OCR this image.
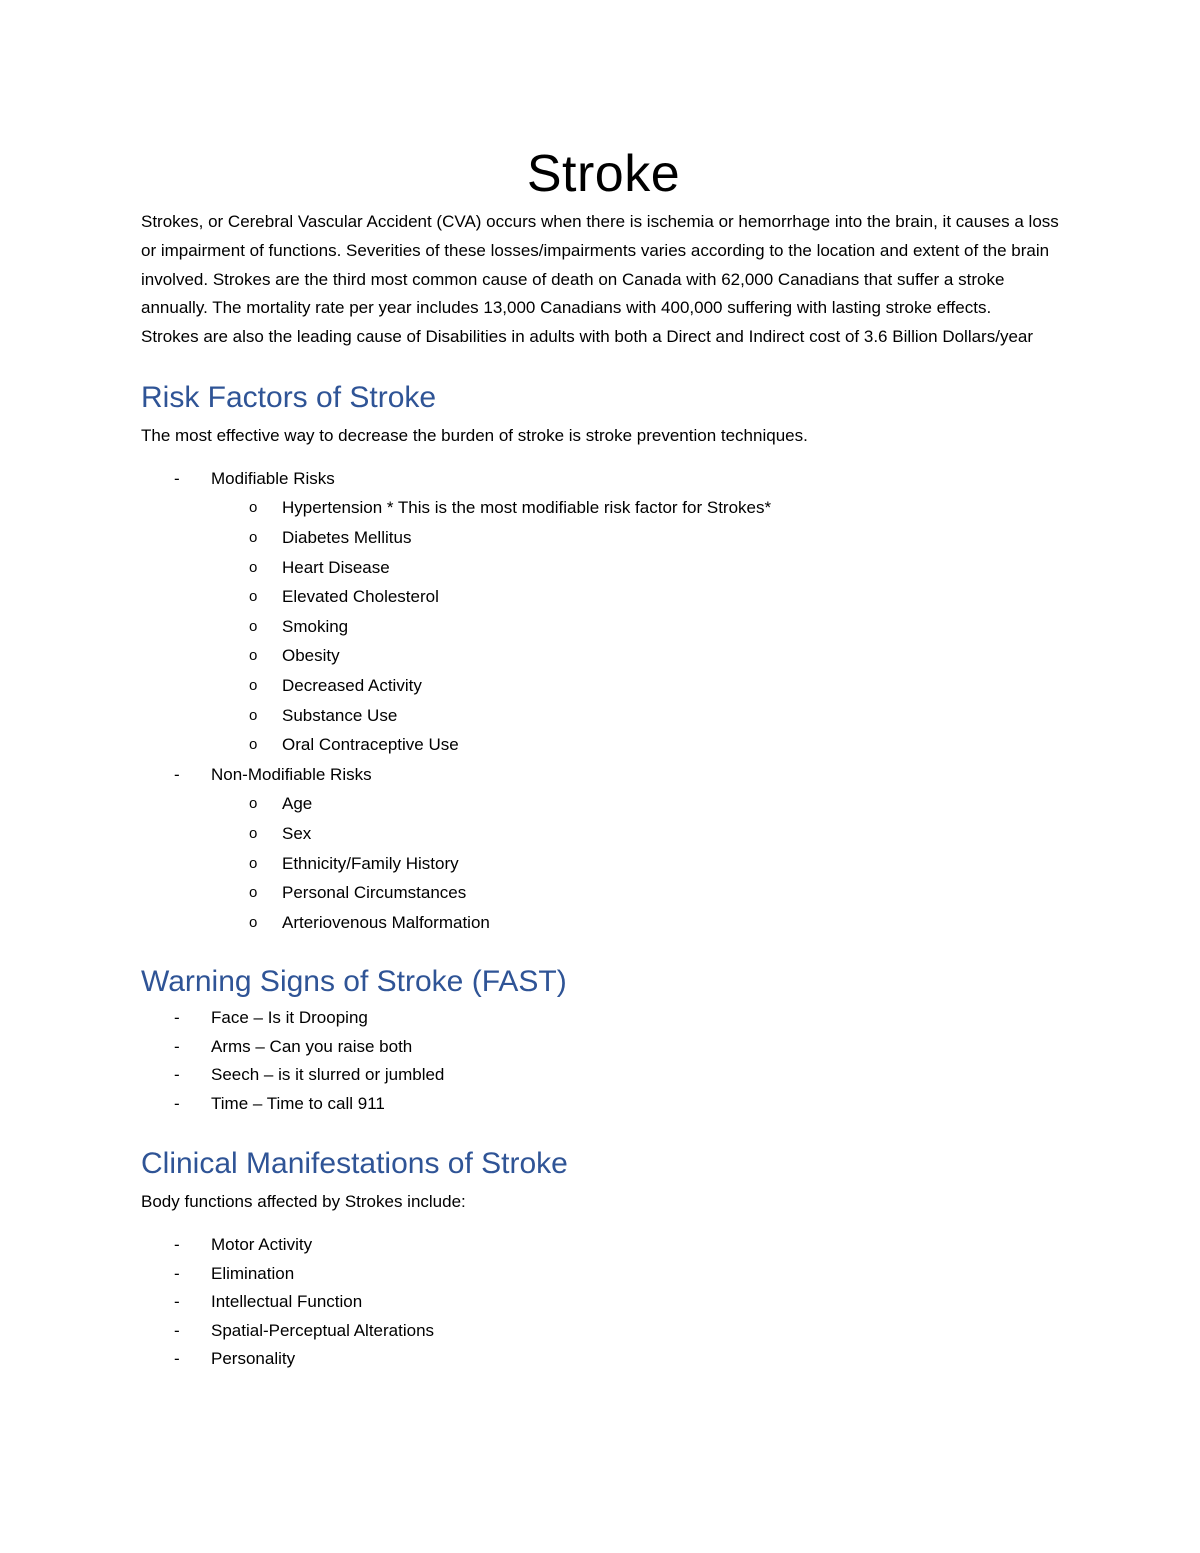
Stroke

Strokes, or Cerebral Vascular Accident (CVA) occurs when there is ischemia or hemorrhage into the brain, it causes a loss or impairment of functions. Severities of these losses/impairments varies according to the location and extent of the brain involved. Strokes are the third most common cause of death on Canada with 62,000 Canadians that suffer a stroke annually. The mortality rate per year includes 13,000 Canadians with 400,000 suffering with lasting stroke effects.

Strokes are also the leading cause of Disabilities in adults with both a Direct and Indirect cost of 3.6 Billion Dollars/year

Risk Factors of Stroke

The most effective way to decrease the burden of stroke is stroke prevention techniques.

- Modifiable Risks
o Hypertension * This is the most modifiable risk factor for Strokes*
o Diabetes Mellitus
o Heart Disease
o Elevated Cholesterol
o Smoking
o Obesity
o Decreased Activity
o Substance Use
o Oral Contraceptive Use
- Non-Modifiable Risks
o Age
o Sex
o Ethnicity/Family History
o Personal Circumstances
o Arteriovenous Malformation
Warning Signs of Stroke (FAST)
- Face – Is it Drooping
- Arms – Can you raise both
- Seech – is it slurred or jumbled
- Time – Time to call 911
Clinical Manifestations of Stroke

Body functions affected by Strokes include:

- Motor Activity
- Elimination
- Intellectual Function
- Spatial-Perceptual Alterations
- Personality
